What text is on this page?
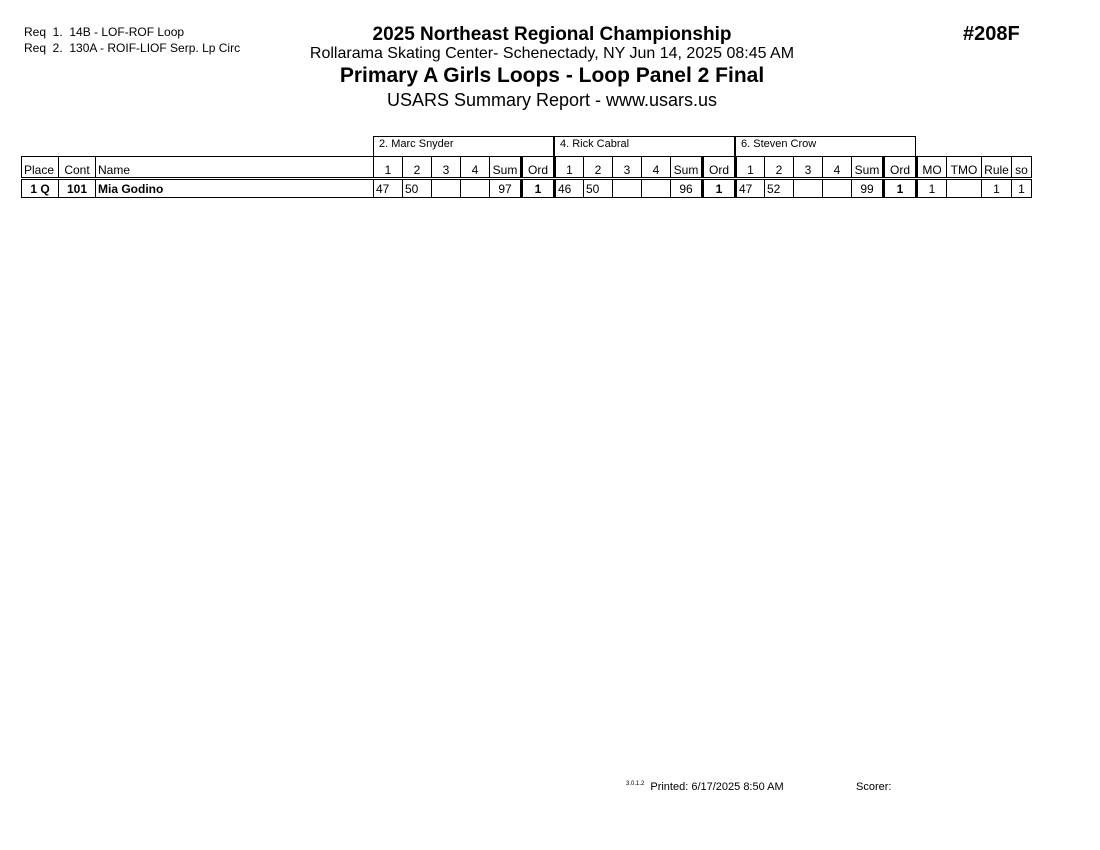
Req  1.  14B - LOF-ROF Loop
Req  2.  130A - ROIF-LIOF Serp. Lp Circ
2025 Northeast Regional Championship
Rollarama Skating Center- Schenectady, NY Jun 14, 2025 08:45 AM
Primary A Girls Loops - Loop Panel 2 Final
USARS Summary Report - www.usars.us
#208F
2. Marc Snyder	4. Rick Cabral	6. Steven Crow
Place	Cont	Name	1	2	3	4	Sum	Ord	1	2	3	4	Sum	Ord	1	2	3	4	Sum	Ord	MO	TMO	Rule	so
1 Q	101	Mia Godino	47	50			97	1	46	50			96	1	47	52			99	1	1		1	1
$^{3.0.1.2}$ Printed: 6/17/2025 8:50 AM	Scorer:
